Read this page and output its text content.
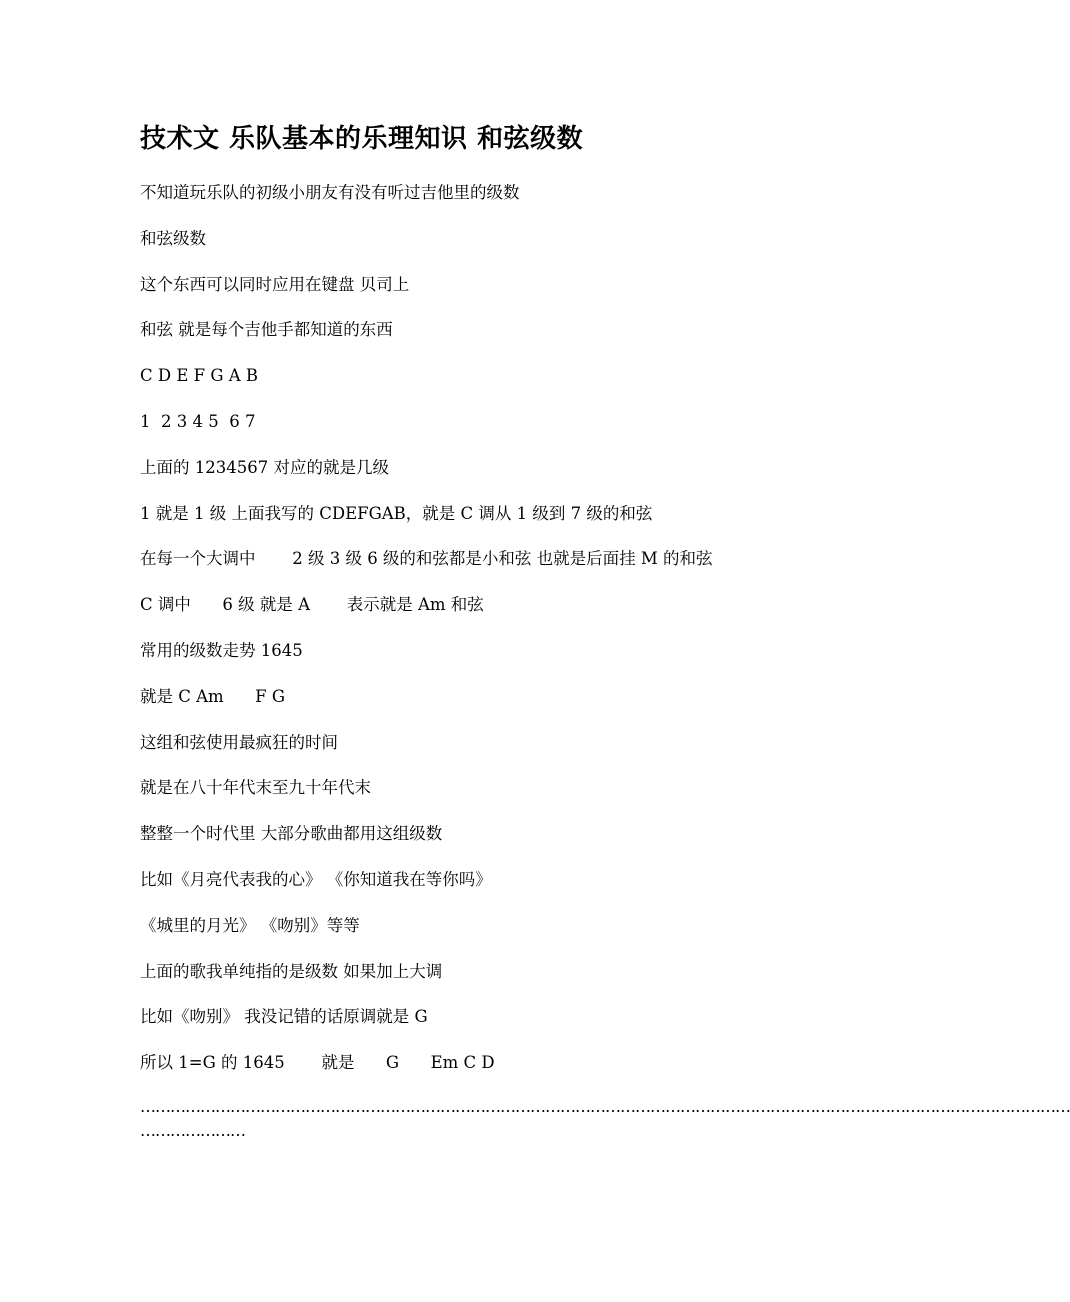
技术文 乐队基本的乐理知识 和弦级数
不知道玩乐队的初级小朋友有没有听过吉他里的级数
和弦级数
这个东西可以同时应用在键盘 贝司上
和弦 就是每个吉他手都知道的东西
C D E F G A B
1  2 3 4 5  6 7
上面的 1234567 对应的就是几级
1 就是 1 级 上面我写的 CDEFGAB，就是 C 调从 1 级到 7 级的和弦
在每一个大调中       2 级 3 级 6 级的和弦都是小和弦 也就是后面挂 M 的和弦
C 调中      6 级 就是 A       表示就是 Am 和弦
常用的级数走势 1645
就是 C Am      F G
这组和弦使用最疯狂的时间
就是在八十年代末至九十年代末
整整一个时代里 大部分歌曲都用这组级数
比如《月亮代表我的心》 《你知道我在等你吗》
《城里的月光》 《吻别》等等
上面的歌我单纯指的是级数 如果加上大调
比如《吻别》 我没记错的话原调就是 G
所以 1=G 的 1645       就是      G      Em C D
……………………………………………………………………………………………………………………………………………………………………
…………………
